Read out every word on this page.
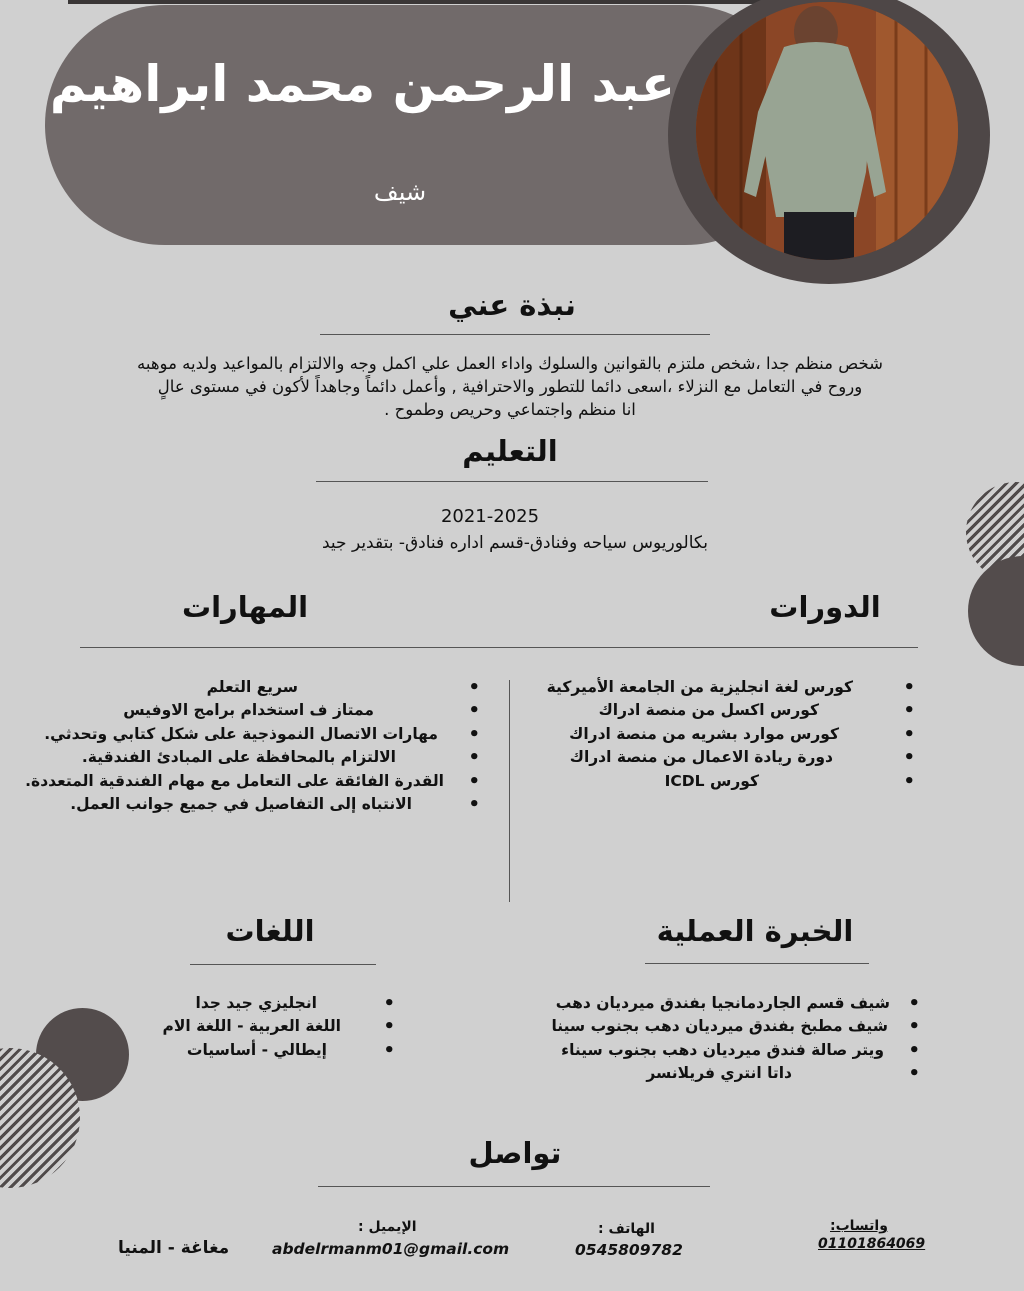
عبد الرحمن محمد ابراهيم
شيف
نبذة عني
شخص منظم جدا ،شخص ملتزم بالقوانين والسلوك واداء العمل علي اكمل وجه والالتزام بالمواعيد ولديه موهبه
وروح في التعامل مع النزلاء ،اسعى دائما للتطور والاحترافية , وأعمل دائماً وجاهداً لأكون في مستوى عالٍ
انا منظم واجتماعي وحريص وطموح .
التعليم
2021-2025
بكالوريوس سياحه وفنادق-قسم اداره فنادق- بتقدير جيد
الدورات
المهارات
•
كورس لغة انجليزية من الجامعة الأميركية
•
كورس اكسل من منصة ادراك
•
كورس موارد بشريه من منصة ادراك
•
دورة ريادة الاعمال من منصة ادراك
•
كورس ICDL
•
سريع التعلم
•
ممتاز ف استخدام برامج الاوفيس
•
مهارات الاتصال النموذجية على شكل كتابي وتحدثي.
•
الالتزام بالمحافظة على المبادئ الفندقية.
•
القدرة الفائقة على التعامل مع مهام الفندقية المتعددة.
•
الانتباه إلى التفاصيل في جميع جوانب العمل.
الخبرة العملية
اللغات
•
شيف قسم الجاردمانجيا بفندق ميرديان دهب
•
شيف مطبخ بفندق ميرديان دهب بجنوب سينا
•
ويتر صالة فندق ميرديان دهب بجنوب سيناء
•
داتا انتري فريلانسر
•
انجليزي جيد جدا
•
اللغة العربية - اللغة الام
•
إيطالي - أساسيات
تواصل
واتساب:
01101864069
الهاتف :
0545809782
الإيميل :
abdelrmanm01@gmail.com
مغاغة - المنيا
